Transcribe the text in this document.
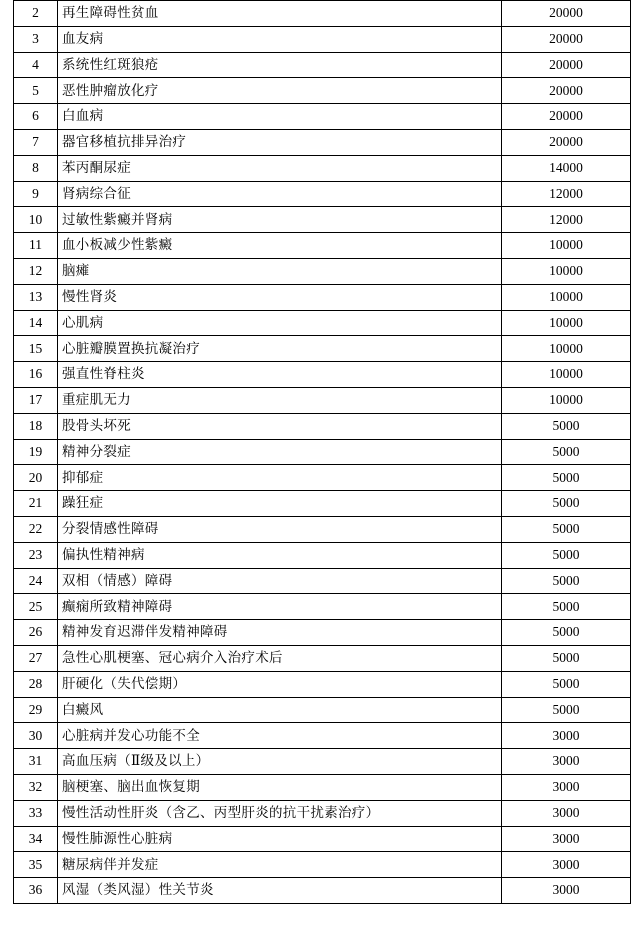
2	再生障碍性贫血	20000
3	血友病	20000
4	系统性红斑狼疮	20000
5	恶性肿瘤放化疗	20000
6	白血病	20000
7	器官移植抗排异治疗	20000
8	苯丙酮尿症	14000
9	肾病综合征	12000
10	过敏性紫癜并肾病	12000
11	血小板减少性紫癜	10000
12	脑瘫	10000
13	慢性肾炎	10000
14	心肌病	10000
15	心脏瓣膜置换抗凝治疗	10000
16	强直性脊柱炎	10000
17	重症肌无力	10000
18	股骨头坏死	5000
19	精神分裂症	5000
20	抑郁症	5000
21	躁狂症	5000
22	分裂情感性障碍	5000
23	偏执性精神病	5000
24	双相（情感）障碍	5000
25	癫痫所致精神障碍	5000
26	精神发育迟滞伴发精神障碍	5000
27	急性心肌梗塞、冠心病介入治疗术后	5000
28	肝硬化（失代偿期）	5000
29	白癜风	5000
30	心脏病并发心功能不全	3000
31	高血压病（Ⅱ级及以上）	3000
32	脑梗塞、脑出血恢复期	3000
33	慢性活动性肝炎（含乙、丙型肝炎的抗干扰素治疗）	3000
34	慢性肺源性心脏病	3000
35	糖尿病伴并发症	3000
36	风湿（类风湿）性关节炎	3000
